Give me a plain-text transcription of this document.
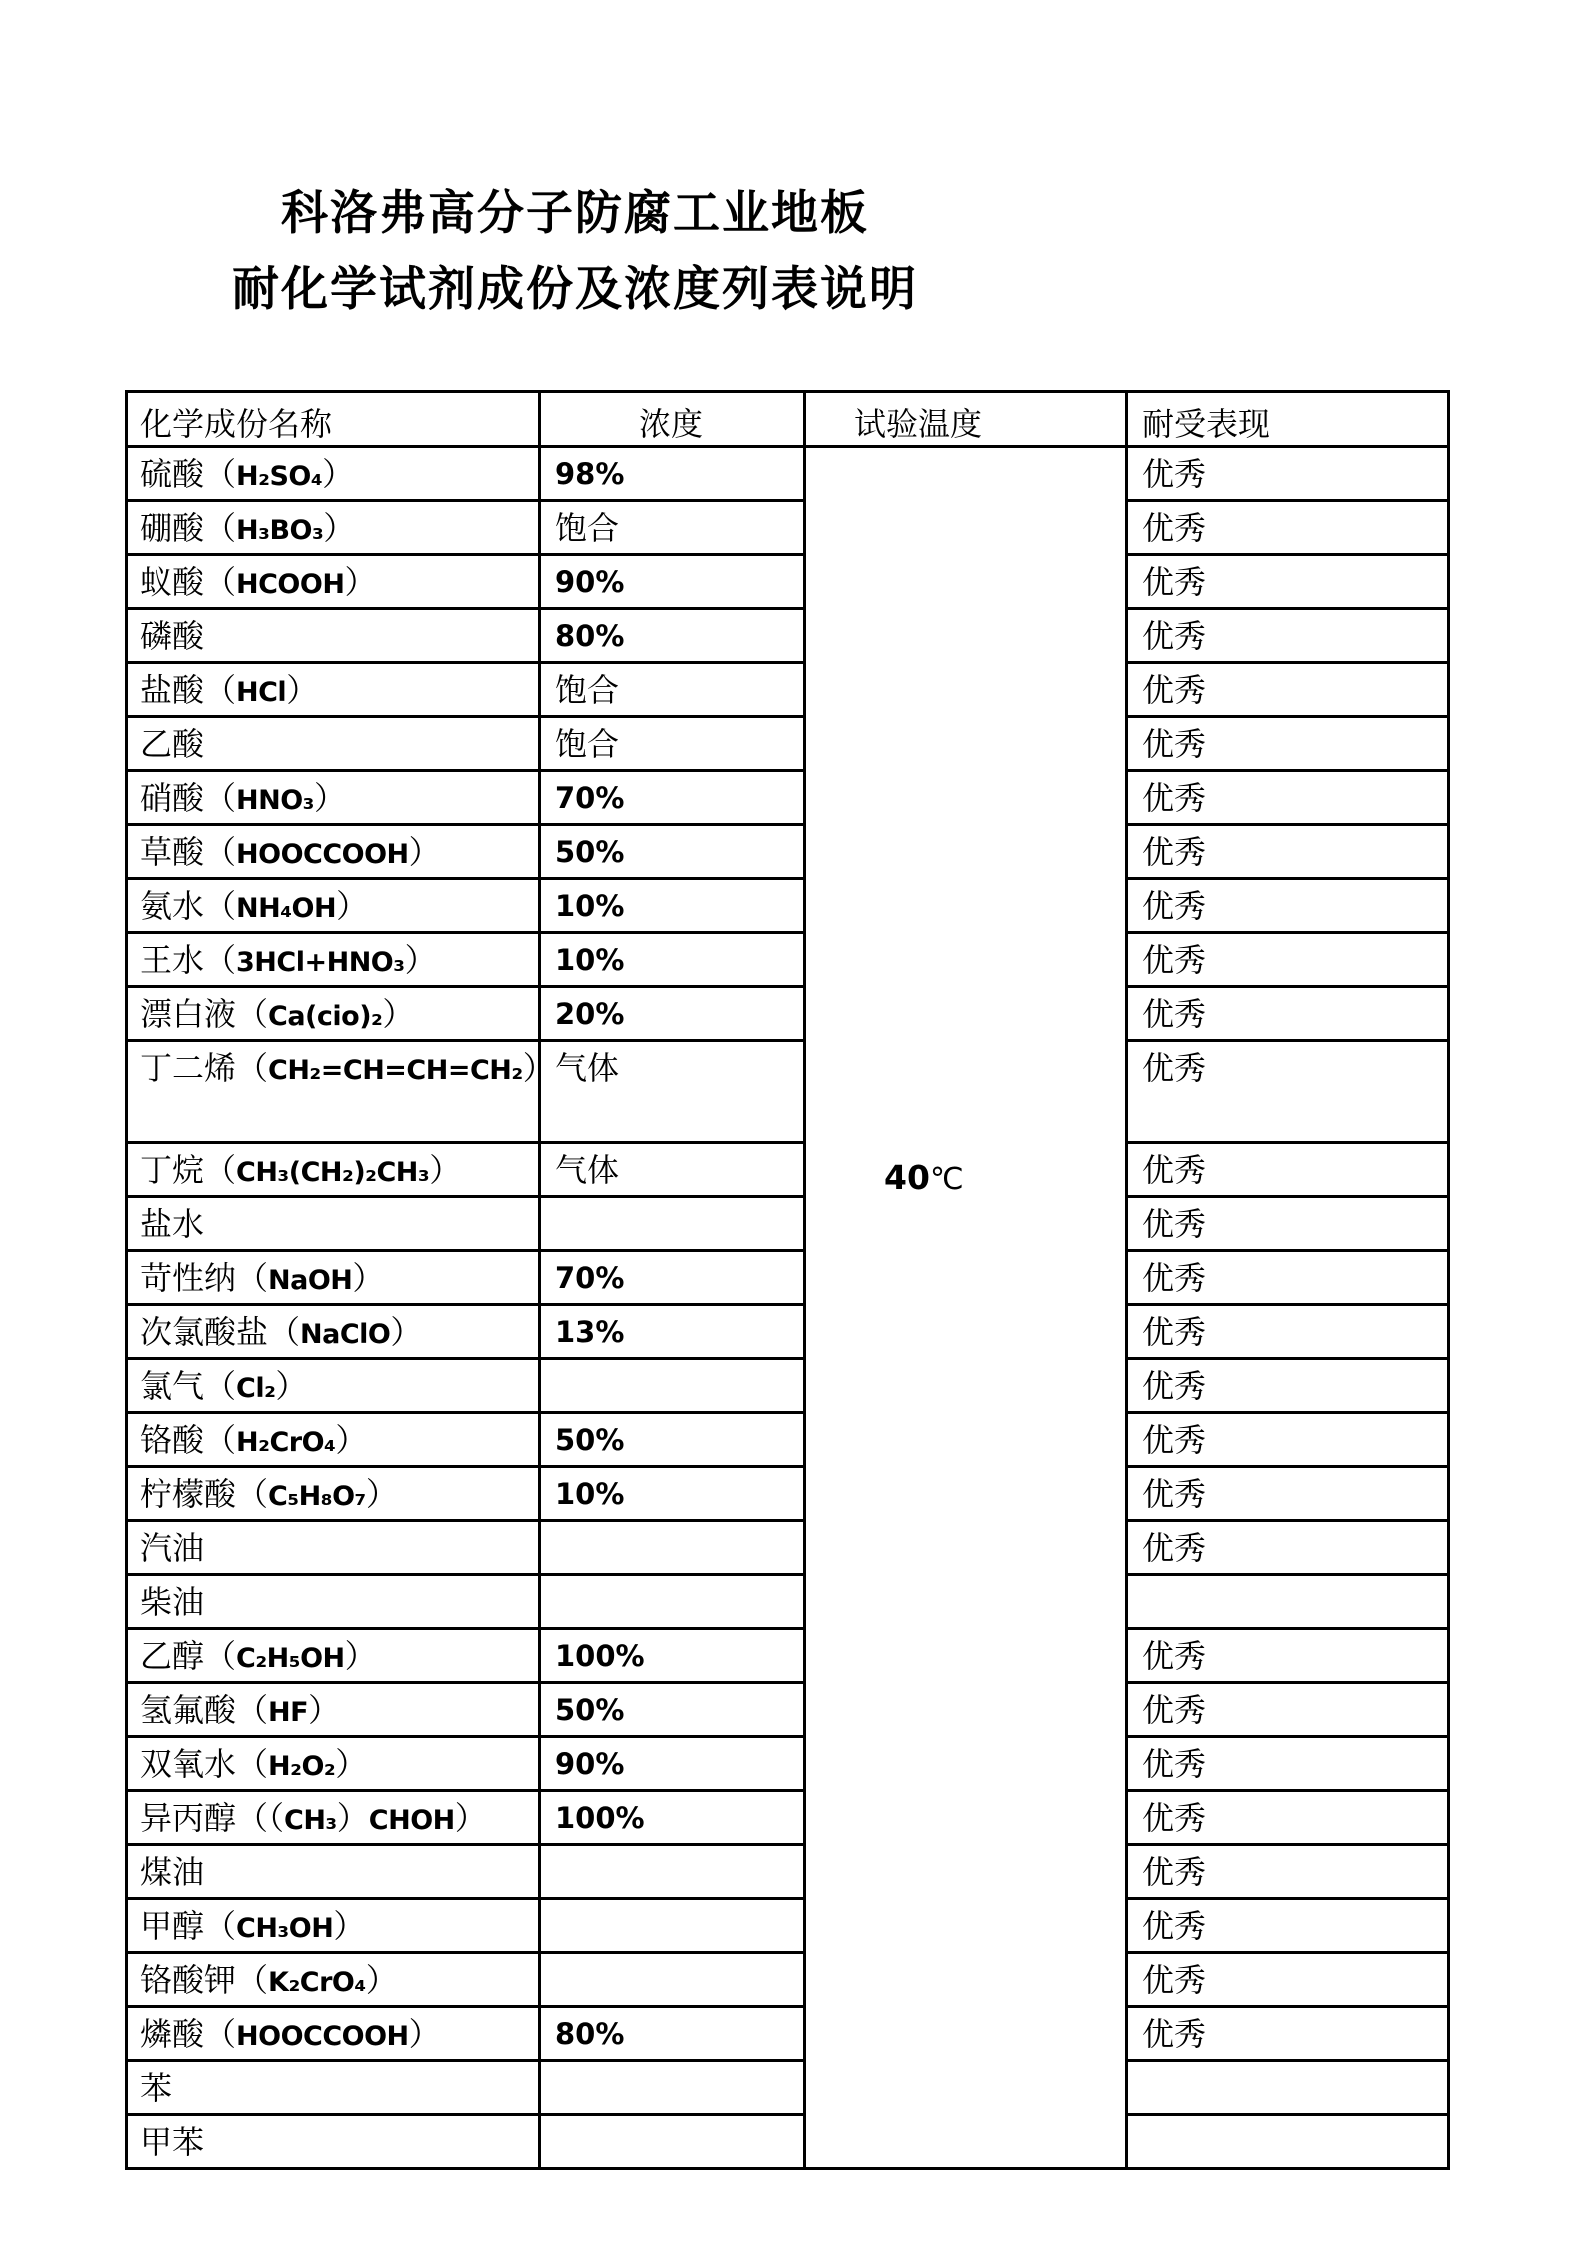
科洛弗高分子防腐工业地板
耐化学试剂成份及浓度列表说明
化学成份名称	浓度	试验温度	耐受表现
硫酸（H₂SO₄）	98%	40℃	优秀
硼酸（H₃BO₃）	饱合		优秀
蚁酸（HCOOH）	90%		优秀
磷酸	80%		优秀
盐酸（HCl）	饱合		优秀
乙酸	饱合		优秀
硝酸（HNO₃）	70%		优秀
草酸（HOOCCOOH）	50%		优秀
氨水（NH₄OH）	10%		优秀
王水（3HCl+HNO₃）	10%		优秀
漂白液（Ca(cio)₂）	20%		优秀
丁二烯（CH₂=CH=CH=CH₂）	气体		优秀
丁烷（CH₃(CH₂)₂CH₃）	气体		优秀
盐水			优秀
苛性纳（NaOH）	70%		优秀
次氯酸盐（NaClO）	13%		优秀
氯气（Cl₂）			优秀
铬酸（H₂CrO₄）	50%		优秀
柠檬酸（C₅H₈O₇）	10%		优秀
汽油			优秀
柴油			
乙醇（C₂H₅OH）	100%		优秀
氢氟酸（HF）	50%		优秀
双氧水（H₂O₂）	90%		优秀
异丙醇（（CH₃）CHOH）	100%		优秀
煤油			优秀
甲醇（CH₃OH）			优秀
铬酸钾（K₂CrO₄）			优秀
燐酸（HOOCCOOH）	80%		优秀
苯			
甲苯			
